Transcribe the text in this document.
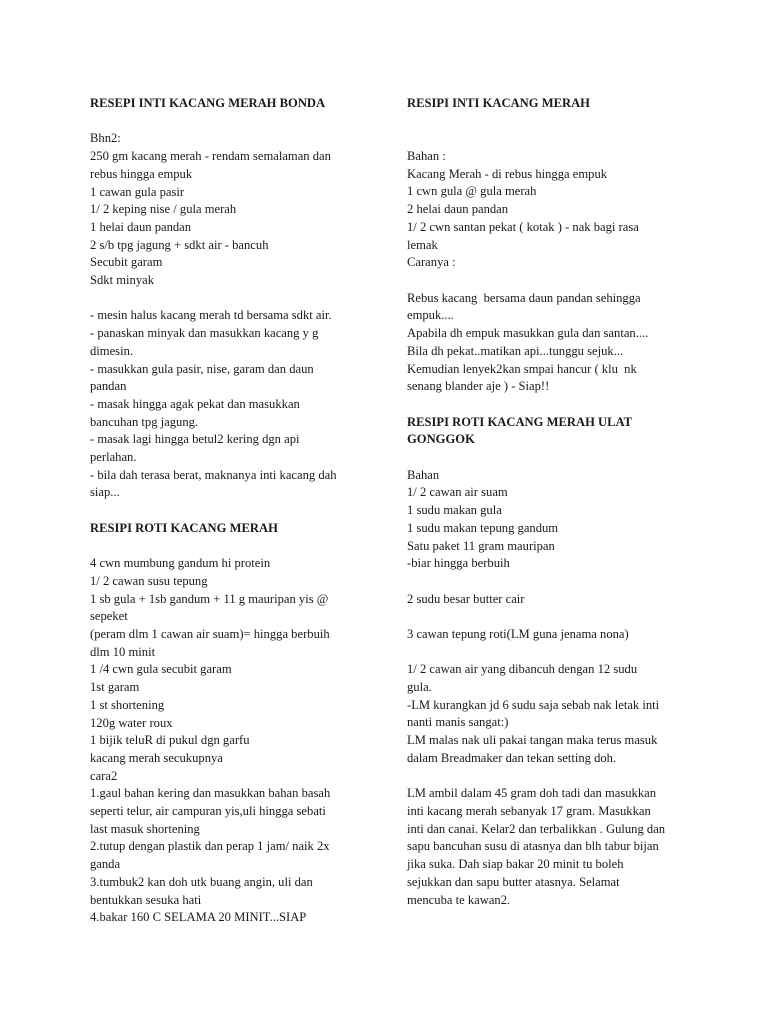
RESEPI INTI KACANG MERAH BONDA

Bhn2:
250 gm kacang merah - rendam semalaman dan
rebus hingga empuk
1 cawan gula pasir
1/ 2 keping nise / gula merah
1 helai daun pandan
2 s/b tpg jagung + sdkt air - bancuh
Secubit garam
Sdkt minyak
- mesin halus kacang merah td bersama sdkt air.
- panaskan minyak dan masukkan kacang y g
dimesin.
- masukkan gula pasir, nise, garam dan daun
pandan
- masak hingga agak pekat dan masukkan
bancuhan tpg jagung.
- masak lagi hingga betul2 kering dgn api
perlahan.
- bila dah terasa berat, maknanya inti kacang dah
siap...

RESIPI ROTI KACANG MERAH

4 cwn mumbung gandum hi protein
1/ 2 cawan susu tepung
1 sb gula + 1sb gandum + 11 g mauripan yis @
sepeket
(peram dlm 1 cawan air suam)= hingga berbuih
dlm 10 minit
1 /4 cwn gula secubit garam
1st garam
1 st shortening
120g water roux
1 bijik teluR di pukul dgn garfu
kacang merah secukupnya
cara2
1.gaul bahan kering dan masukkan bahan basah
seperti telur, air campuran yis,uli hingga sebati
last masuk shortening
2.tutup dengan plastik dan perap 1 jam/ naik 2x
ganda
3.tumbuk2 kan doh utk buang angin, uli dan
bentukkan sesuka hati
4.bakar 160 C SELAMA 20 MINIT...SIAP

RESIPI INTI KACANG MERAH

Bahan :
Kacang Merah - di rebus hingga empuk
1 cwn gula @ gula merah
2 helai daun pandan
1/ 2 cwn santan pekat ( kotak ) - nak bagi rasa
lemak
Caranya :
Rebus kacang  bersama daun pandan sehingga
empuk....
Apabila dh empuk masukkan gula dan santan....
Bila dh pekat..matikan api...tunggu sejuk...
Kemudian lenyek2kan smpai hancur ( klu  nk
senang blander aje ) - Siap!!

RESIPI ROTI KACANG MERAH ULAT GONGGOK

Bahan
1/ 2 cawan air suam
1 sudu makan gula
1 sudu makan tepung gandum
Satu paket 11 gram mauripan
-biar hingga berbuih
2 sudu besar butter cair
3 cawan tepung roti(LM guna jenama nona)
1/ 2 cawan air yang dibancuh dengan 12 sudu
gula.
-LM kurangkan jd 6 sudu saja sebab nak letak inti
nanti manis sangat:)
LM malas nak uli pakai tangan maka terus masuk
dalam Breadmaker dan tekan setting doh.
LM ambil dalam 45 gram doh tadi dan masukkan
inti kacang merah sebanyak 17 gram. Masukkan
inti dan canai. Kelar2 dan terbalikkan . Gulung dan
sapu bancuhan susu di atasnya dan blh tabur bijan
jika suka. Dah siap bakar 20 minit tu boleh
sejukkan dan sapu butter atasnya. Selamat
mencuba te kawan2.
